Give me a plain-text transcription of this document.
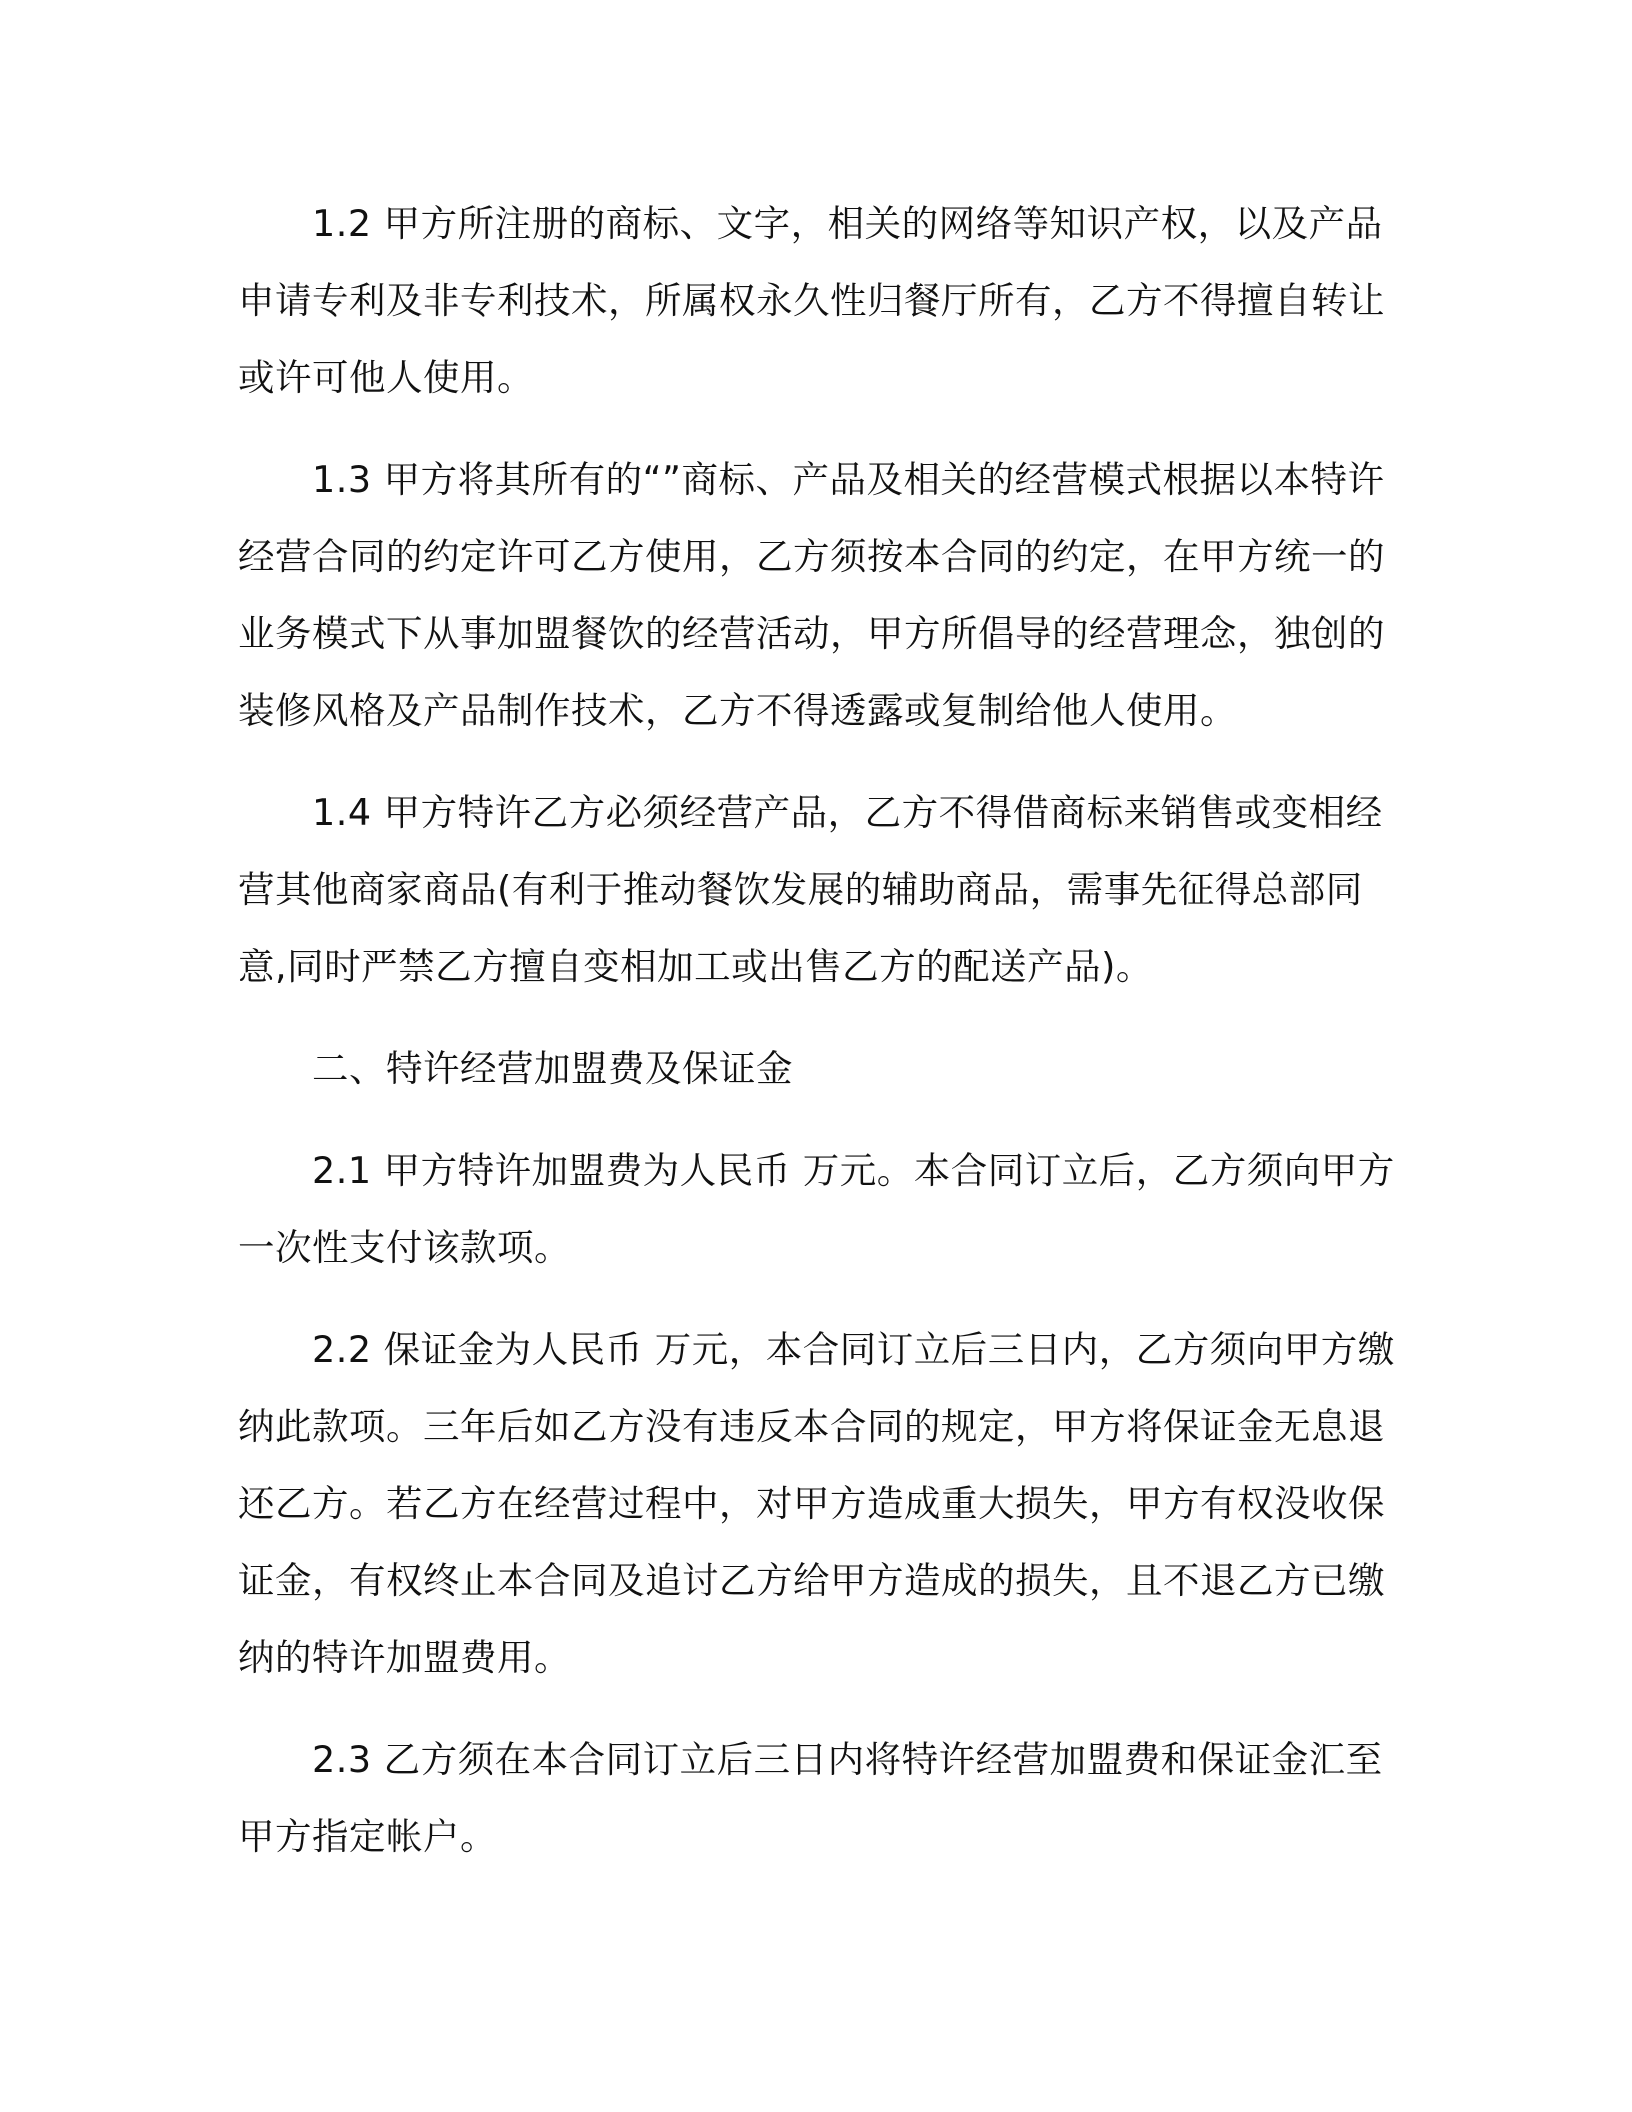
1.2 甲方所注册的商标、文字，相关的网络等知识产权，以及产品申请专利及非专利技术，所属权永久性归餐厅所有，乙方不得擅自转让或许可他人使用。

1.3 甲方将其所有的“”商标、产品及相关的经营模式根据以本特许经营合同的约定许可乙方使用，乙方须按本合同的约定，在甲方统一的业务模式下从事加盟餐饮的经营活动，甲方所倡导的经营理念，独创的装修风格及产品制作技术，乙方不得透露或复制给他人使用。

1.4 甲方特许乙方必须经营产品，乙方不得借商标来销售或变相经营其他商家商品(有利于推动餐饮发展的辅助商品，需事先征得总部同意,同时严禁乙方擅自变相加工或出售乙方的配送产品)。

二、特许经营加盟费及保证金

2.1 甲方特许加盟费为人民币 万元。本合同订立后，乙方须向甲方一次性支付该款项。

2.2 保证金为人民币 万元，本合同订立后三日内，乙方须向甲方缴纳此款项。三年后如乙方没有违反本合同的规定，甲方将保证金无息退还乙方。若乙方在经营过程中，对甲方造成重大损失，甲方有权没收保证金，有权终止本合同及追讨乙方给甲方造成的损失，且不退乙方已缴纳的特许加盟费用。

2.3 乙方须在本合同订立后三日内将特许经营加盟费和保证金汇至甲方指定帐户。
